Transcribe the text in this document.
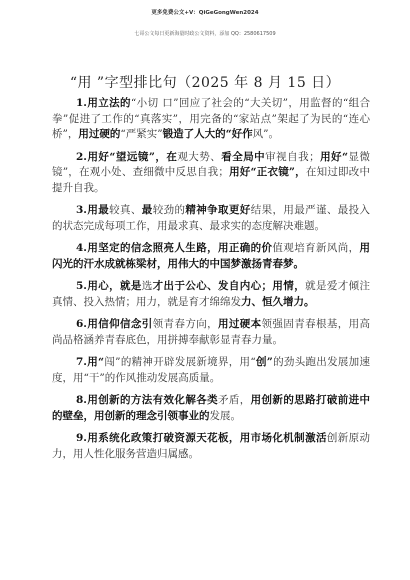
更多免费公文+V：QiGeGongWen2024
七哥公文每日更新海量时政公文资料，添加 QQ：2580617509
“用 ”字型排比句（2025 年 8 月 15 日）

1.用立法的“小切 口”回应了社会的“大关切”，用监督的“组合拳”促进了工作的“真落实”，用完备的“家站点”架起了为民的“连心桥”，用过硬的“严紧实”锻造了人大的“好作风”。

2.用好“望远镜”，在观大势、看全局中审视自我；用好“显微镜”，在观小处、查细微中反思自我；用好“正衣镜”，在知过即改中提升自我。

3.用最较真、最较劲的精神争取更好结果，用最严谨、最投入的状态完成每项工作，用最求真、最求实的态度解决难题。

4.用坚定的信念照亮人生路，用正确的价值观培育新风尚，用闪光的汗水成就栋梁材，用伟大的中国梦激扬青春梦。

5.用心，就是选才出于公心、发自内心；用情，就是爱才倾注真情、投入热情；用力，就是育才绵绵发力、恒久增力。

6.用信仰信念引领青春方向，用过硬本领强固青春根基，用高尚品格涵养青春底色，用拼搏奉献彰显青春力量。

7.用“闯”的精神开辟发展新境界，用“创”的劲头跑出发展加速度，用“干”的作风推动发展高质量。

8.用创新的方法有效化解各类矛盾，用创新的思路打破前进中的壁垒，用创新的理念引领事业的发展。

9.用系统化政策打破资源天花板，用市场化机制激活创新原动力，用人性化服务营造归属感。
